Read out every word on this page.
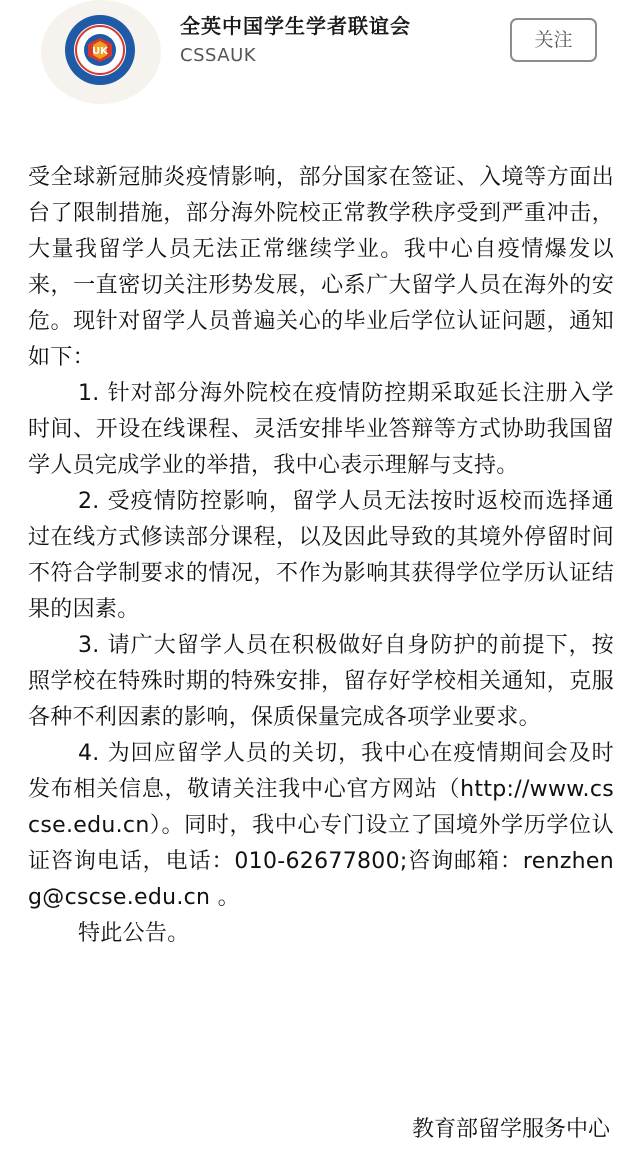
UK
全英中国学生学者联谊会
CSSAUK
关注

受全球新冠肺炎疫情影响，部分国家在签证、入境等方面出台了限制措施，部分海外院校正常教学秩序受到严重冲击，大量我留学人员无法正常继续学业。我中心自疫情爆发以来，一直密切关注形势发展，心系广大留学人员在海外的安危。现针对留学人员普遍关心的毕业后学位认证问题，通知如下：

1. 针对部分海外院校在疫情防控期采取延长注册入学时间、开设在线课程、灵活安排毕业答辩等方式协助我国留学人员完成学业的举措，我中心表示理解与支持。

2. 受疫情防控影响，留学人员无法按时返校而选择通过在线方式修读部分课程，以及因此导致的其境外停留时间不符合学制要求的情况，不作为影响其获得学位学历认证结果的因素。

3. 请广大留学人员在积极做好自身防护的前提下，按照学校在特殊时期的特殊安排，留存好学校相关通知，克服各种不利因素的影响，保质保量完成各项学业要求。

4. 为回应留学人员的关切，我中心在疫情期间会及时发布相关信息，敬请关注我中心官方网站（http://www.cscse.edu.cn）。同时，我中心专门设立了国境外学历学位认证咨询电话，电话：010-62677800;咨询邮箱：renzheng@cscse.edu.cn 。

特此公告。

教育部留学服务中心
